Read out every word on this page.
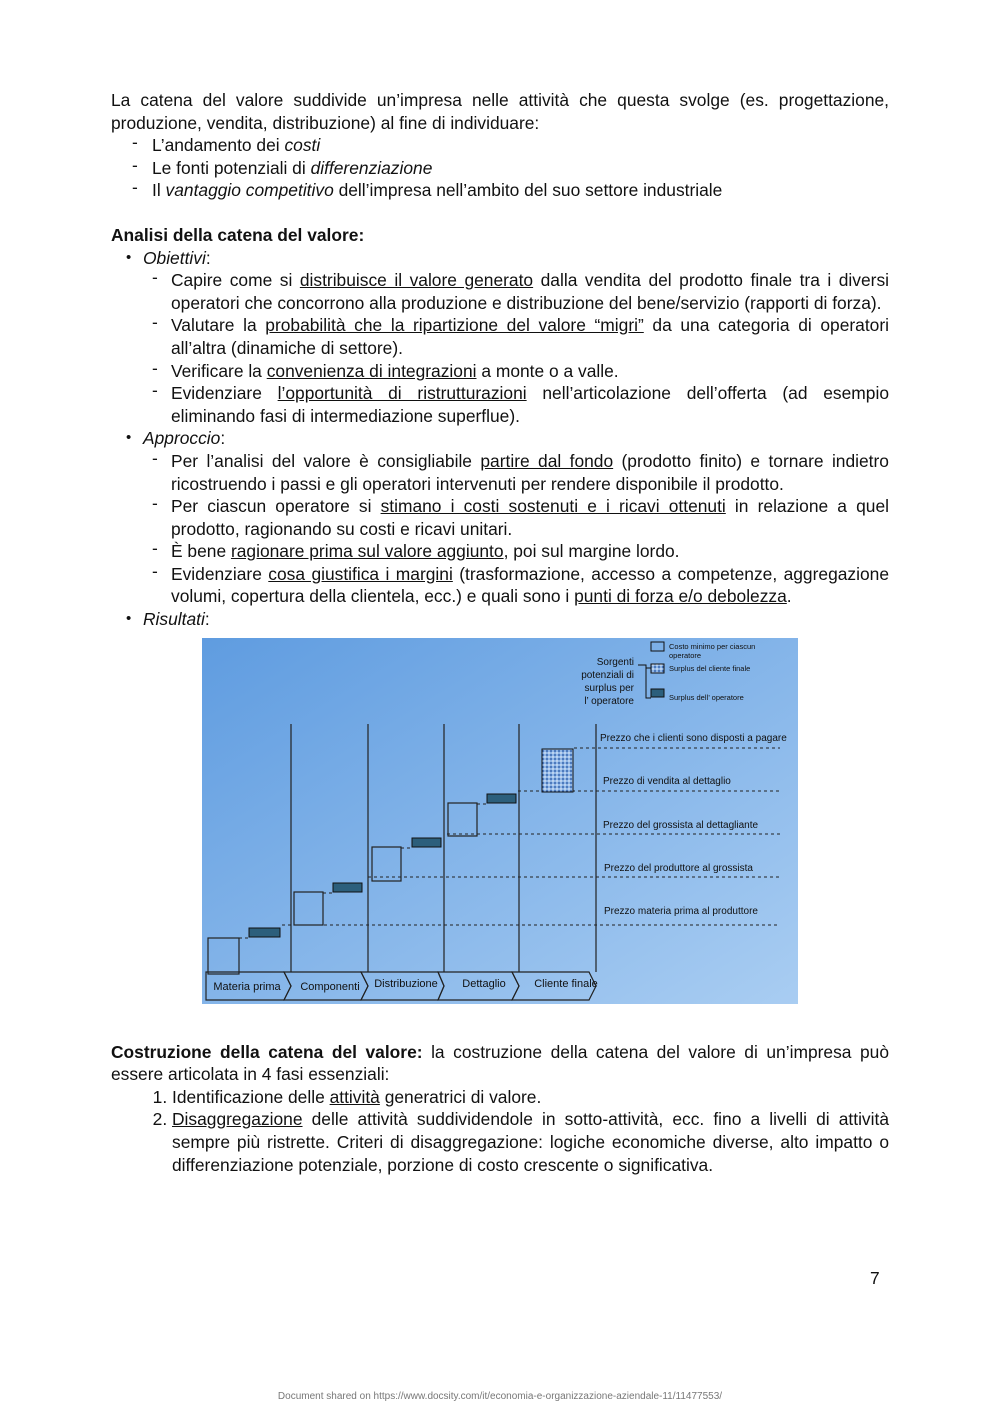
La catena del valore suddivide un’impresa nelle attività che questa svolge (es. progettazione, produzione, vendita, distribuzione) al fine di individuare:

- L’andamento dei costi
- Le fonti potenziali di differenziazione
- Il vantaggio competitivo dell’impresa nell’ambito del suo settore industriale

Analisi della catena del valore:

• Obiettivi:
- Capire come si distribuisce il valore generato dalla vendita del prodotto finale tra i diversi operatori che concorrono alla produzione e distribuzione del bene/servizio (rapporti di forza).
- Valutare la probabilità che la ripartizione del valore “migri” da una categoria di operatori all’altra (dinamiche di settore).
- Verificare la convenienza di integrazioni a monte o a valle.
- Evidenziare l’opportunità di ristrutturazioni nell’articolazione dell’offerta (ad esempio eliminando fasi di intermediazione superflue).
• Approccio:
- Per l’analisi del valore è consigliabile partire dal fondo (prodotto finito) e tornare indietro ricostruendo i passi e gli operatori intervenuti per rendere disponibile il prodotto.
- Per ciascun operatore si stimano i costi sostenuti e i ricavi ottenuti in relazione a quel prodotto, ragionando su costi e ricavi unitari.
- È bene ragionare prima sul valore aggiunto, poi sul margine lordo.
- Evidenziare cosa giustifica i margini (trasformazione, accesso a competenze, aggregazione volumi, copertura della clientela, ecc.) e quali sono i punti di forza e/o debolezza.
• Risultati:
Sorgenti
potenziali di
surplus per
l’ operatore
Costo minimo per ciascun
operatore
Surplus del cliente finale
Surplus dell’ operatore
Prezzo che i clienti sono disposti a pagare
Prezzo di vendita al dettaglio
Prezzo del grossista al dettagliante
Prezzo del produttore al grossista
Prezzo materia prima al produttore
Materia prima Componenti Distribuzione Dettaglio	Cliente finale

Costruzione della catena del valore: la costruzione della catena del valore di un’impresa può essere articolata in 4 fasi essenziali:

1. Identificazione delle attività generatrici di valore.
2. Disaggregazione delle attività suddividendole in sotto-attività, ecc. fino a livelli di attività sempre più ristrette. Criteri di disaggregazione: logiche economiche diverse, alto impatto o differenziazione potenziale, porzione di costo crescente o significativa.
7
Document shared on https://www.docsity.com/it/economia-e-organizzazione-aziendale-11/11477553/
